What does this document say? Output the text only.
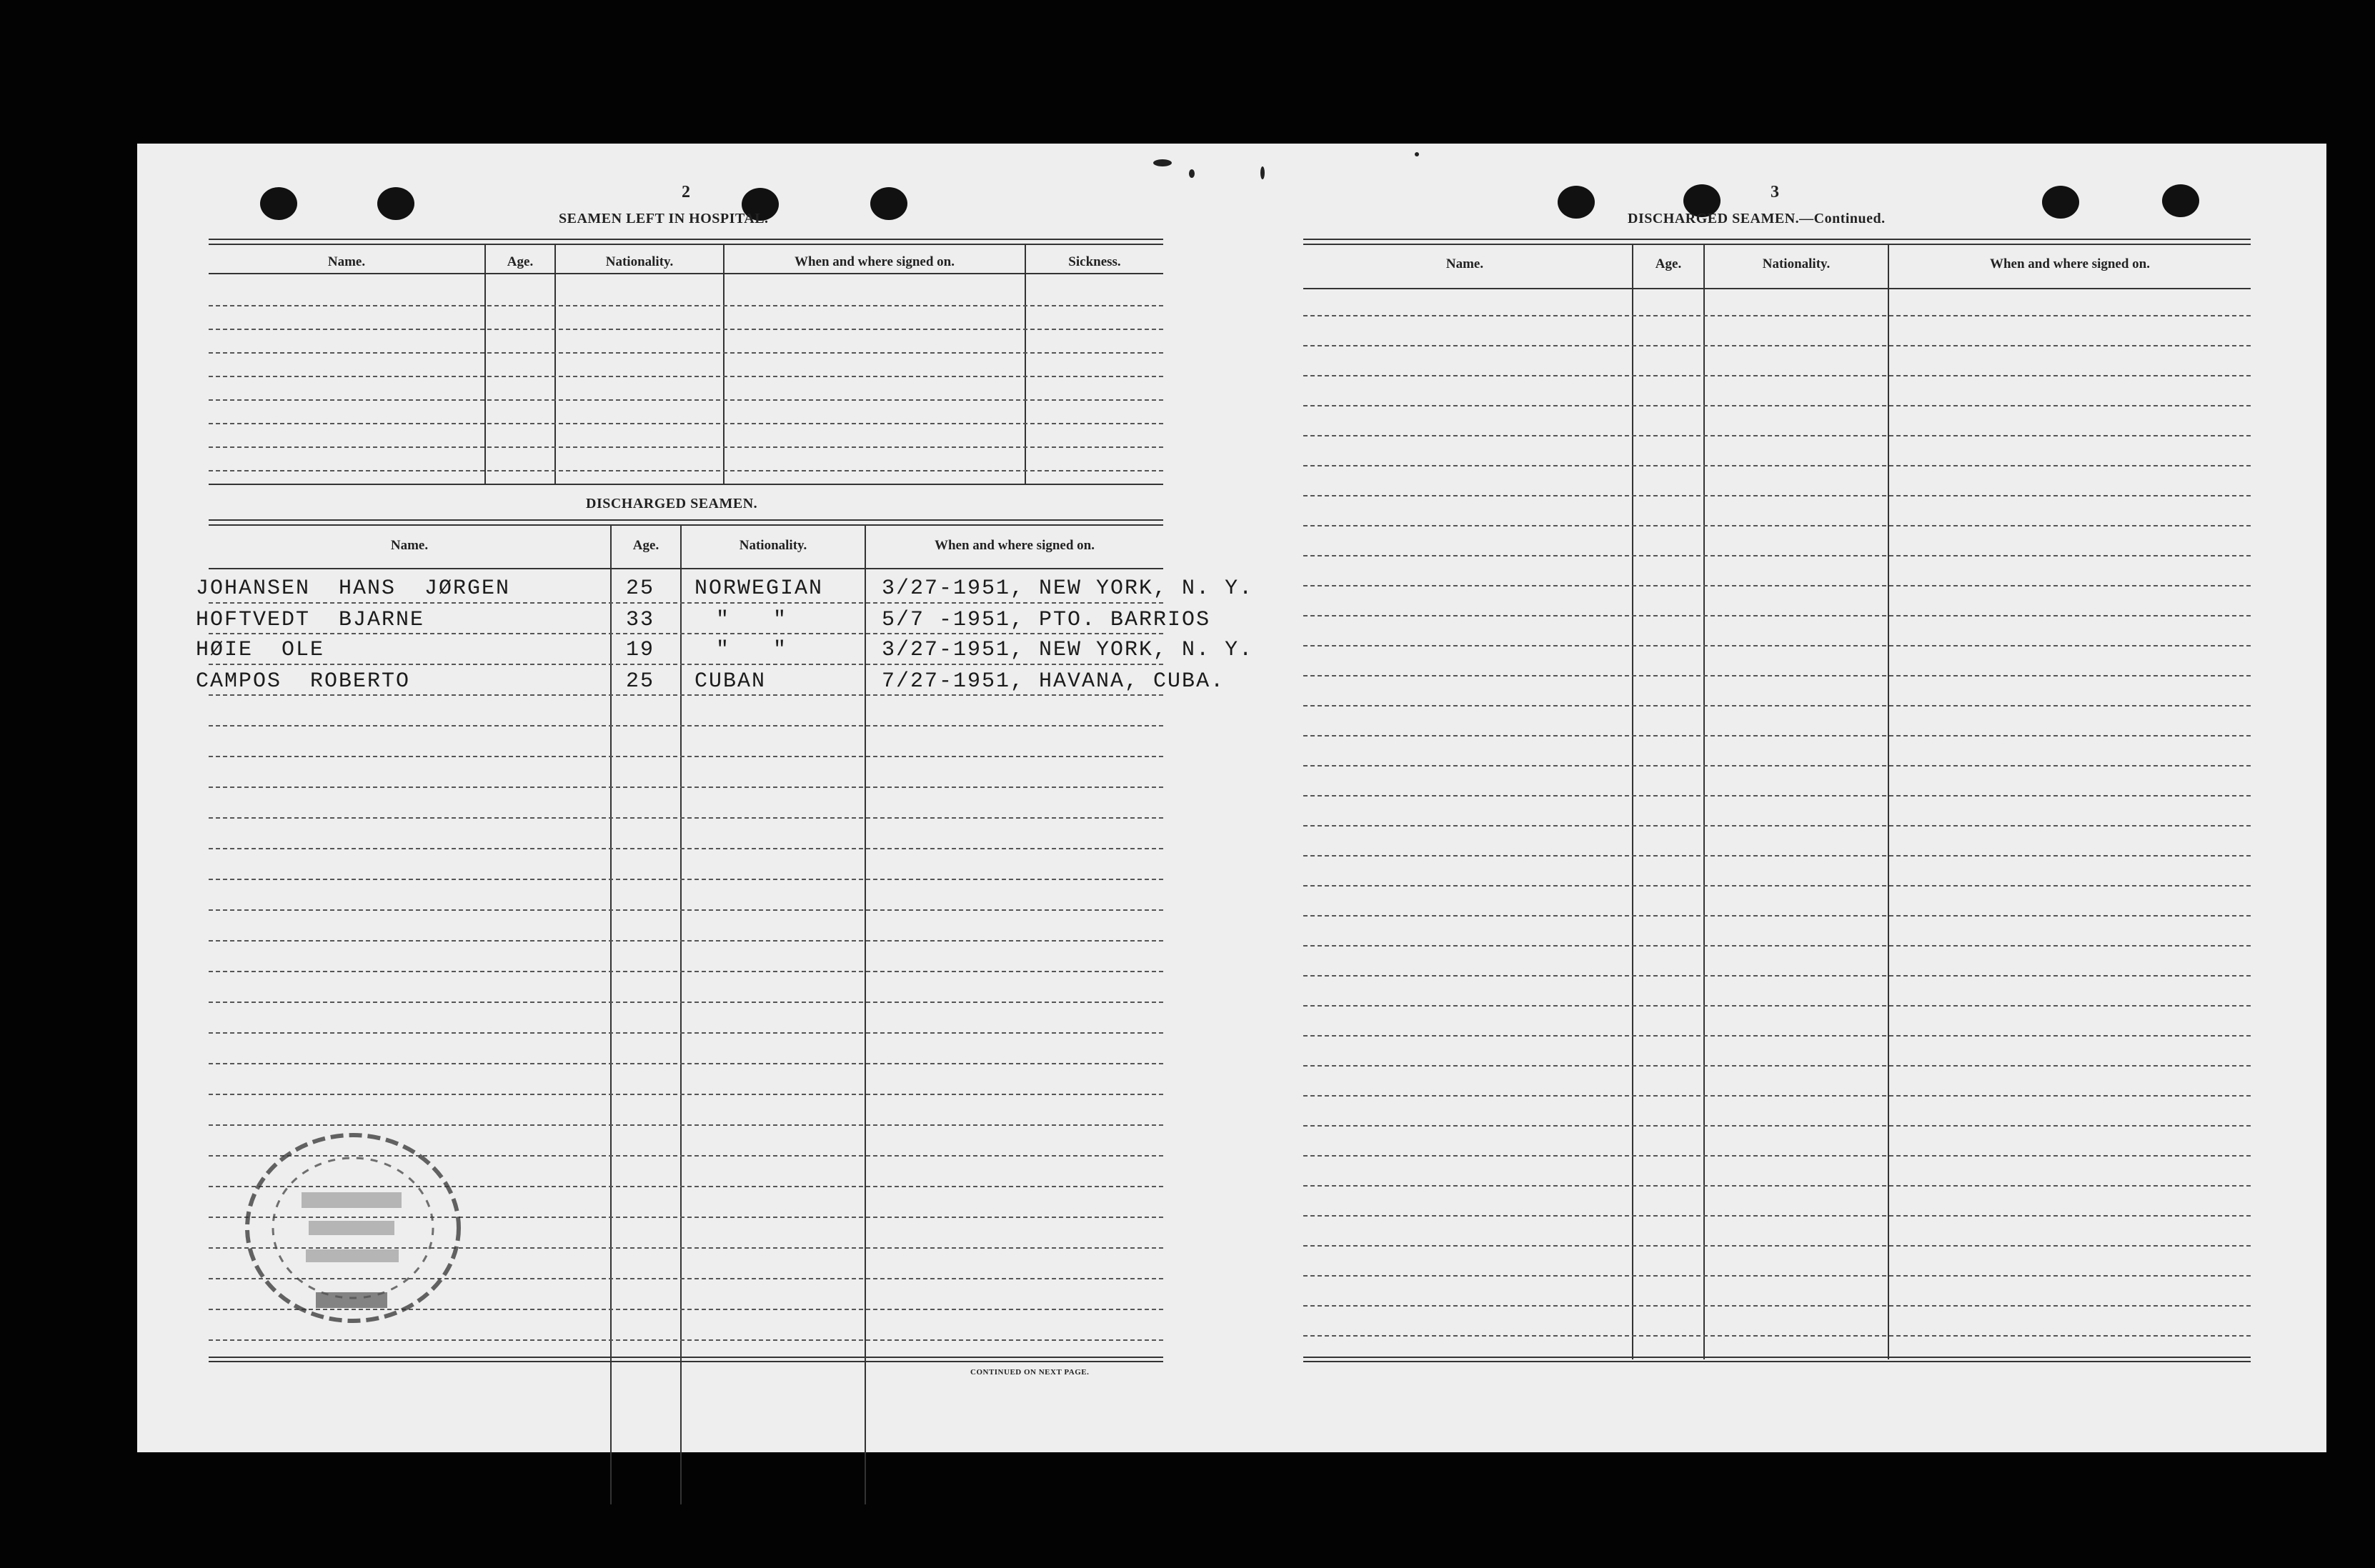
2
SEAMEN LEFT IN HOSPITAL.
Name.	Age.	Nationality.	When and where signed on.	Sickness.
DISCHARGED SEAMEN.
Name.	Age.	Nationality.	When and where signed on.
JOHANSEN  HANS  JØRGEN	25 NORWEGIAN	3/27-1951, NEW YORK, N. Y.
HOFTVEDT  BJARNE	33	"   "	5/7 -1951, PTO. BARRIOS
HØIE  OLE	19	"   "	3/27-1951, NEW YORK, N. Y.
CAMPOS  ROBERTO	25 CUBAN	7/27-1951, HAVANA, CUBA.
CONTINUED ON NEXT PAGE.
3
DISCHARGED SEAMEN.—Continued.
Name.	Age.	Nationality.	When and where signed on.
